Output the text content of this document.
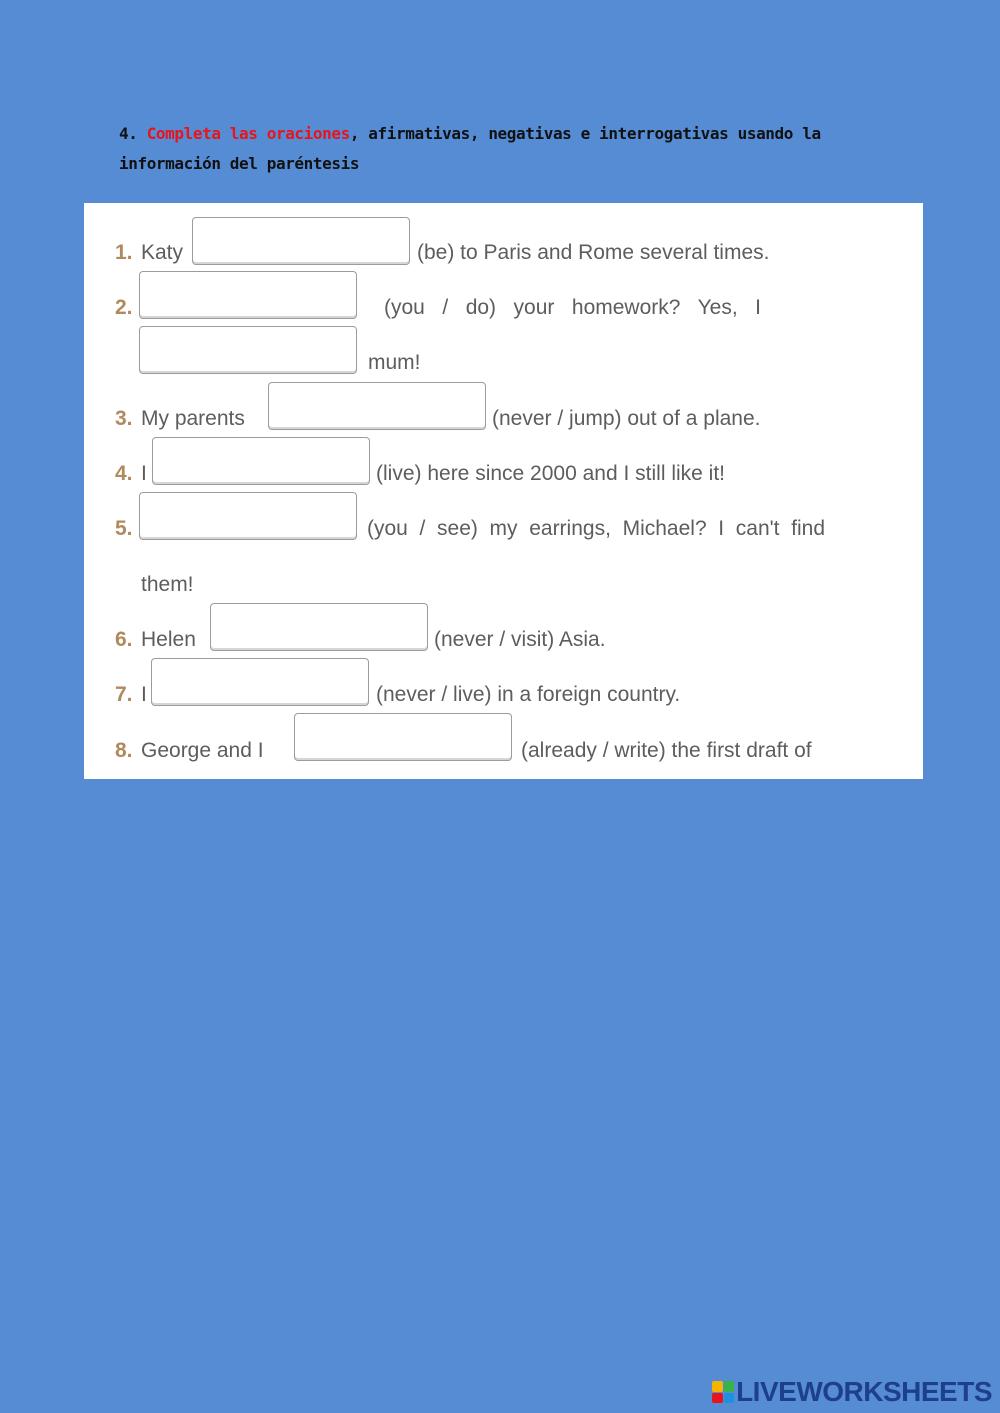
4. Completa las oraciones, afirmativas, negativas e interrogativas usando la información del paréntesis
1. Katy	(be) to Paris and Rome several times.
2.	(you   /   do)   your   homework?   Yes,   I
mum!
3. My parents	(never / jump) out of a plane.
4. I	(live) here since 2000 and I still like it!
5.	(you  /  see)  my  earrings,  Michael?  I  can't  find
them!
6. Helen	(never / visit) Asia.
7. I	(never / live) in a foreign country.
8. George and I	(already / write) the first draft of
LIVEWORKSHEETS
